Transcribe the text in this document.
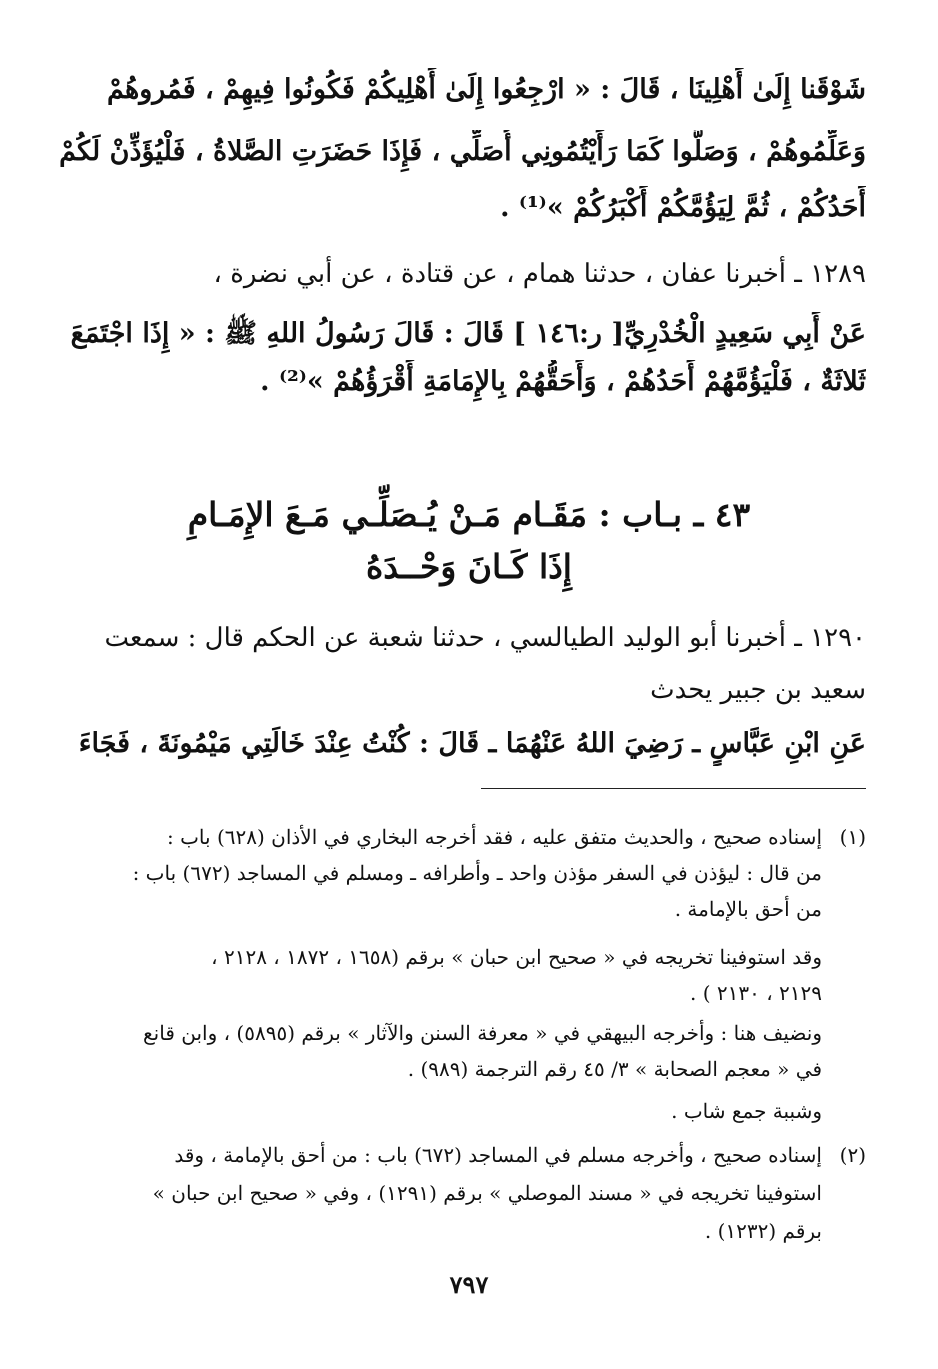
شَوْقَنا إِلَىٰ أَهْلِينَا ، قَالَ : « ارْجِعُوا إِلَىٰ أَهْلِيكُمْ فَكُونُوا فِيهِمْ ، فَمُروهُمْ
وَعَلِّمُوهُمْ ، وَصَلُّوا كَمَا رَأَيْتُمُونِي أُصَلِّي ، فَإِذَا حَضَرَتِ الصَّلاةُ ، فَلْيُؤَذِّنْ لَكُمْ
أَحَدُكُمْ ، ثُمَّ لِيَؤُمَّكُمْ أَكْبَرُكُمْ »⁽¹⁾ .
١٢٨٩ ـ أخبرنا عفان ، حدثنا همام ، عن قتادة ، عن أبي نضرة ،
عَنْ أَبِي سَعِيدٍ الْخُدْرِيِّ[ ر:١٤٦ ] قَالَ : قَالَ رَسُولُ اللهِ ﷺ : « إِذَا اجْتَمَعَ
ثَلاثَةٌ ، فَلْيَؤُمَّهُمْ أَحَدُهُمْ ، وَأَحَقُّهُمْ بِالإِمَامَةِ أَقْرَؤُهُمْ »⁽²⁾ .
٤٣ ـ بـاب : مَقَـام مَـنْ يُـصَلِّـي مَـعَ الإِمَـامِ
إِذَا كَـانَ وَحْــدَهُ
١٢٩٠ ـ أخبرنا أبو الوليد الطيالسي ، حدثنا شعبة عن الحكم قال : سمعت
سعيد بن جبير يحدث
عَنِ ابْنِ عَبَّاسٍ ـ رَضِيَ اللهُ عَنْهُمَا ـ قَالَ : كُنْتُ عِنْدَ خَالَتِي مَيْمُونَةَ ، فَجَاءَ
(١)
إسناده صحيح ، والحديث متفق عليه ، فقد أخرجه البخاري في الأذان (٦٢٨) باب :
من قال : ليؤذن في السفر مؤذن واحد ـ وأطرافه ـ ومسلم في المساجد (٦٧٢) باب :
من أحق بالإمامة .
وقد استوفينا تخريجه في « صحيح ابن حبان » برقم (١٦٥٨ ، ١٨٧٢ ، ٢١٢٨ ،
٢١٢٩ ، ٢١٣٠ ) .
ونضيف هنا : وأخرجه البيهقي في « معرفة السنن والآثار » برقم (٥٨٩٥) ، وابن قانع
في « معجم الصحابة » ٣/ ٤٥ رقم الترجمة (٩٨٩) .
وشببة جمع شاب .
(٢)
إسناده صحيح ، وأخرجه مسلم في المساجد (٦٧٢) باب : من أحق بالإمامة ، وقد
استوفينا تخريجه في « مسند الموصلي » برقم (١٢٩١) ، وفي « صحيح ابن حبان »
برقم (١٢٣٢) .
٧٩٧
